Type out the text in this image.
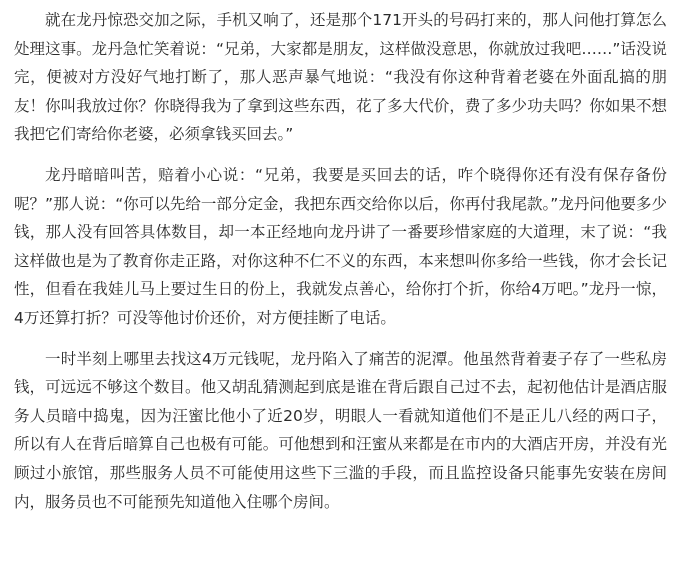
就在龙丹惊恐交加之际，手机又响了，还是那个171开头的号码打来的，那人问他打算怎么处理这事。龙丹急忙笑着说：“兄弟，大家都是朋友，这样做没意思，你就放过我吧……”话没说完，便被对方没好气地打断了，那人恶声暴气地说：“我没有你这种背着老婆在外面乱搞的朋友！你叫我放过你？你晓得我为了拿到这些东西，花了多大代价，费了多少功夫吗？你如果不想我把它们寄给你老婆，必须拿钱买回去。”

龙丹暗暗叫苦，赔着小心说：“兄弟，我要是买回去的话，咋个晓得你还有没有保存备份呢？”那人说：“你可以先给一部分定金，我把东西交给你以后，你再付我尾款。”龙丹问他要多少钱，那人没有回答具体数目，却一本正经地向龙丹讲了一番要珍惜家庭的大道理，末了说：“我这样做也是为了教育你走正路，对你这种不仁不义的东西，本来想叫你多给一些钱，你才会长记性，但看在我娃儿马上要过生日的份上，我就发点善心，给你打个折，你给4万吧。”龙丹一惊，4万还算打折？可没等他讨价还价，对方便挂断了电话。

一时半刻上哪里去找这4万元钱呢，龙丹陷入了痛苦的泥潭。他虽然背着妻子存了一些私房钱，可远远不够这个数目。他又胡乱猜测起到底是谁在背后跟自己过不去，起初他估计是酒店服务人员暗中捣鬼，因为汪蜜比他小了近20岁，明眼人一看就知道他们不是正儿八经的两口子，所以有人在背后暗算自己也极有可能。可他想到和汪蜜从来都是在市内的大酒店开房，并没有光顾过小旅馆，那些服务人员不可能使用这些下三滥的手段，而且监控设备只能事先安装在房间内，服务员也不可能预先知道他入住哪个房间。
